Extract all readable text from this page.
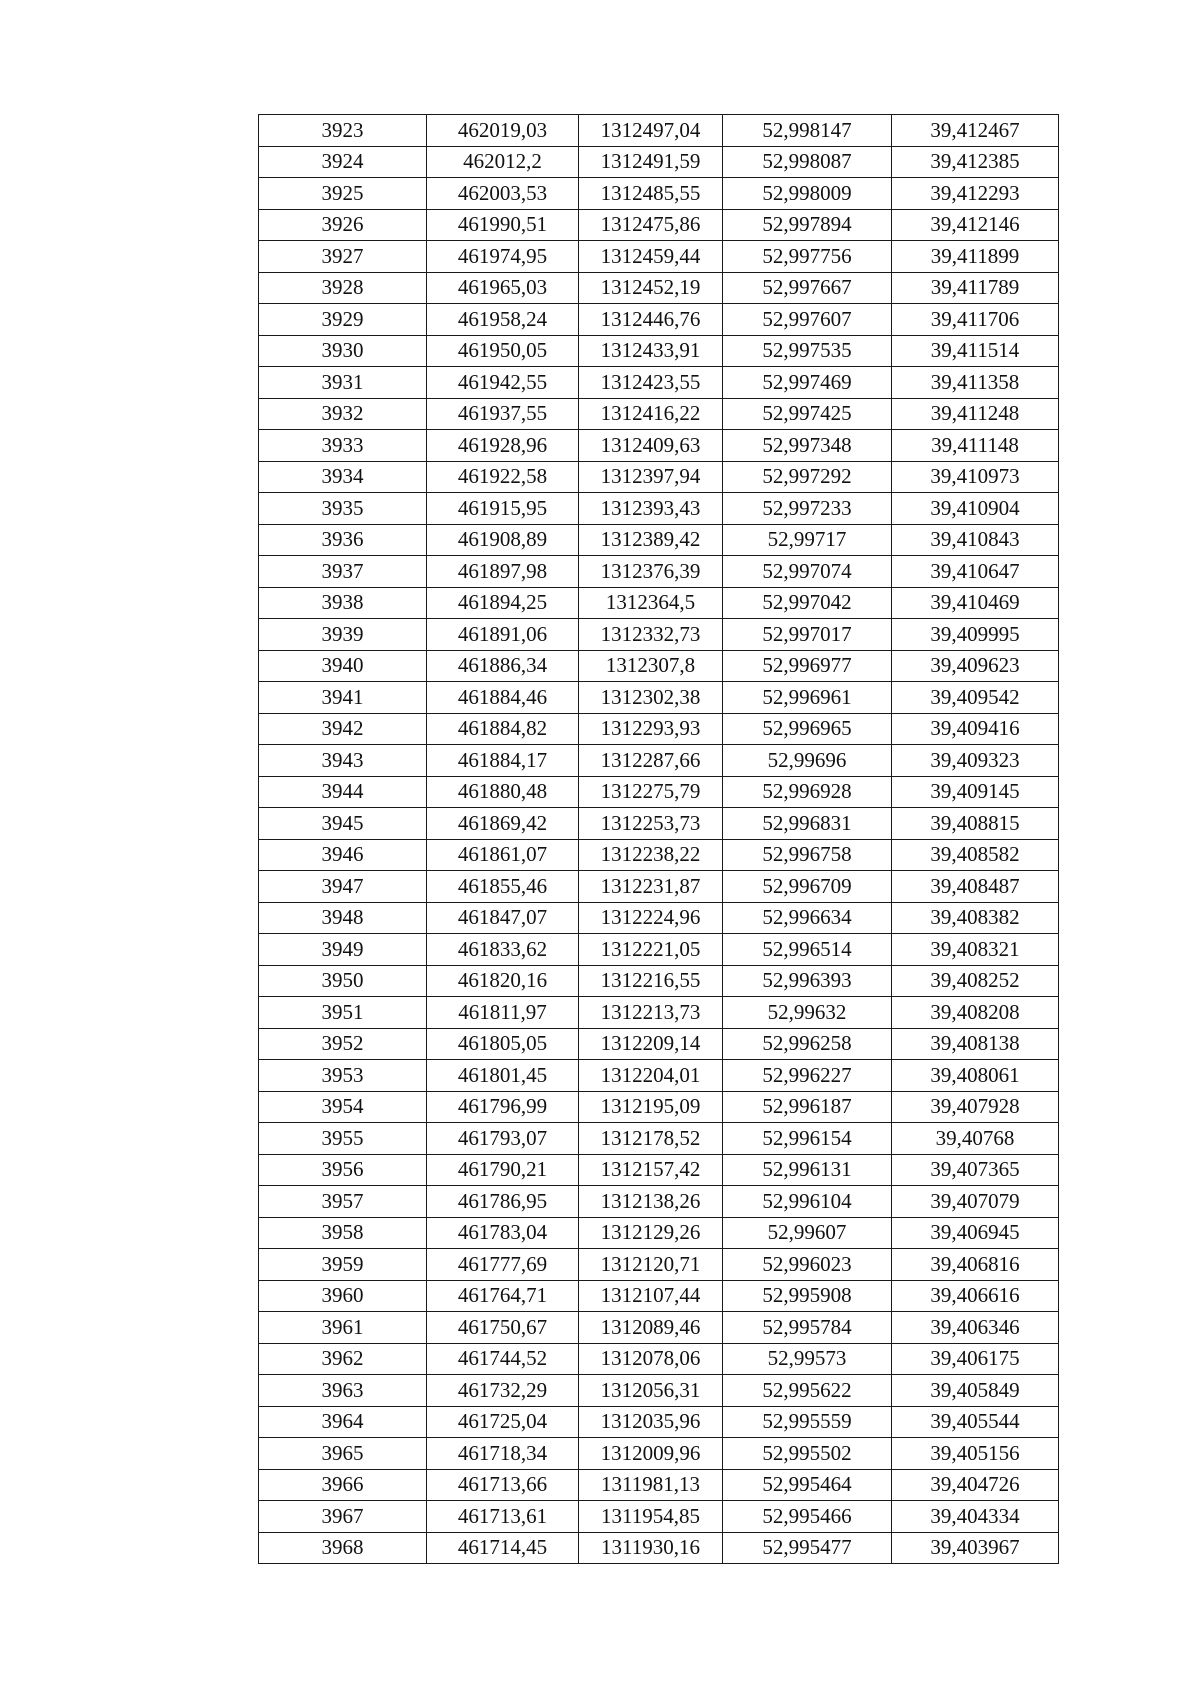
3923	462019,03	1312497,04	52,998147	39,412467
3924	462012,2	1312491,59	52,998087	39,412385
3925	462003,53	1312485,55	52,998009	39,412293
3926	461990,51	1312475,86	52,997894	39,412146
3927	461974,95	1312459,44	52,997756	39,411899
3928	461965,03	1312452,19	52,997667	39,411789
3929	461958,24	1312446,76	52,997607	39,411706
3930	461950,05	1312433,91	52,997535	39,411514
3931	461942,55	1312423,55	52,997469	39,411358
3932	461937,55	1312416,22	52,997425	39,411248
3933	461928,96	1312409,63	52,997348	39,411148
3934	461922,58	1312397,94	52,997292	39,410973
3935	461915,95	1312393,43	52,997233	39,410904
3936	461908,89	1312389,42	52,99717	39,410843
3937	461897,98	1312376,39	52,997074	39,410647
3938	461894,25	1312364,5	52,997042	39,410469
3939	461891,06	1312332,73	52,997017	39,409995
3940	461886,34	1312307,8	52,996977	39,409623
3941	461884,46	1312302,38	52,996961	39,409542
3942	461884,82	1312293,93	52,996965	39,409416
3943	461884,17	1312287,66	52,99696	39,409323
3944	461880,48	1312275,79	52,996928	39,409145
3945	461869,42	1312253,73	52,996831	39,408815
3946	461861,07	1312238,22	52,996758	39,408582
3947	461855,46	1312231,87	52,996709	39,408487
3948	461847,07	1312224,96	52,996634	39,408382
3949	461833,62	1312221,05	52,996514	39,408321
3950	461820,16	1312216,55	52,996393	39,408252
3951	461811,97	1312213,73	52,99632	39,408208
3952	461805,05	1312209,14	52,996258	39,408138
3953	461801,45	1312204,01	52,996227	39,408061
3954	461796,99	1312195,09	52,996187	39,407928
3955	461793,07	1312178,52	52,996154	39,40768
3956	461790,21	1312157,42	52,996131	39,407365
3957	461786,95	1312138,26	52,996104	39,407079
3958	461783,04	1312129,26	52,99607	39,406945
3959	461777,69	1312120,71	52,996023	39,406816
3960	461764,71	1312107,44	52,995908	39,406616
3961	461750,67	1312089,46	52,995784	39,406346
3962	461744,52	1312078,06	52,99573	39,406175
3963	461732,29	1312056,31	52,995622	39,405849
3964	461725,04	1312035,96	52,995559	39,405544
3965	461718,34	1312009,96	52,995502	39,405156
3966	461713,66	1311981,13	52,995464	39,404726
3967	461713,61	1311954,85	52,995466	39,404334
3968	461714,45	1311930,16	52,995477	39,403967
